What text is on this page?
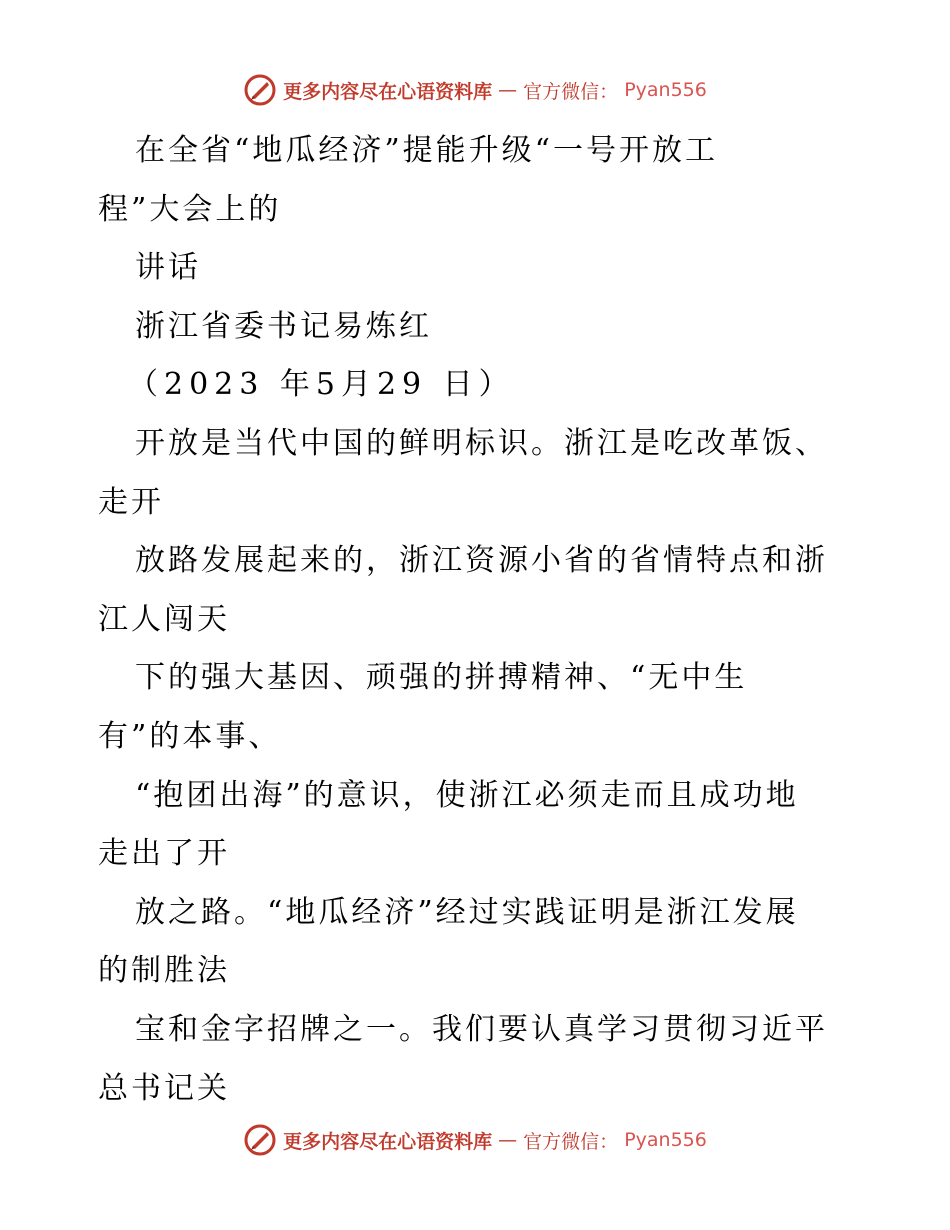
更多内容尽在心语资料库 — 官方微信： Pyan556
在全省“地瓜经济”提能升级“一号开放工
程”大会上的
讲话
浙江省委书记易炼红
（2023 年5月29 日）
开放是当代中国的鲜明标识。浙江是吃改革饭、
走开
放路发展起来的，浙江资源小省的省情特点和浙
江人闯天
下的强大基因、顽强的拼搏精神、“无中生
有”的本事、
“抱团出海”的意识，使浙江必须走而且成功地
走出了开
放之路。“地瓜经济”经过实践证明是浙江发展
的制胜法
宝和金字招牌之一。我们要认真学习贯彻习近平
总书记关
更多内容尽在心语资料库 — 官方微信： Pyan556
